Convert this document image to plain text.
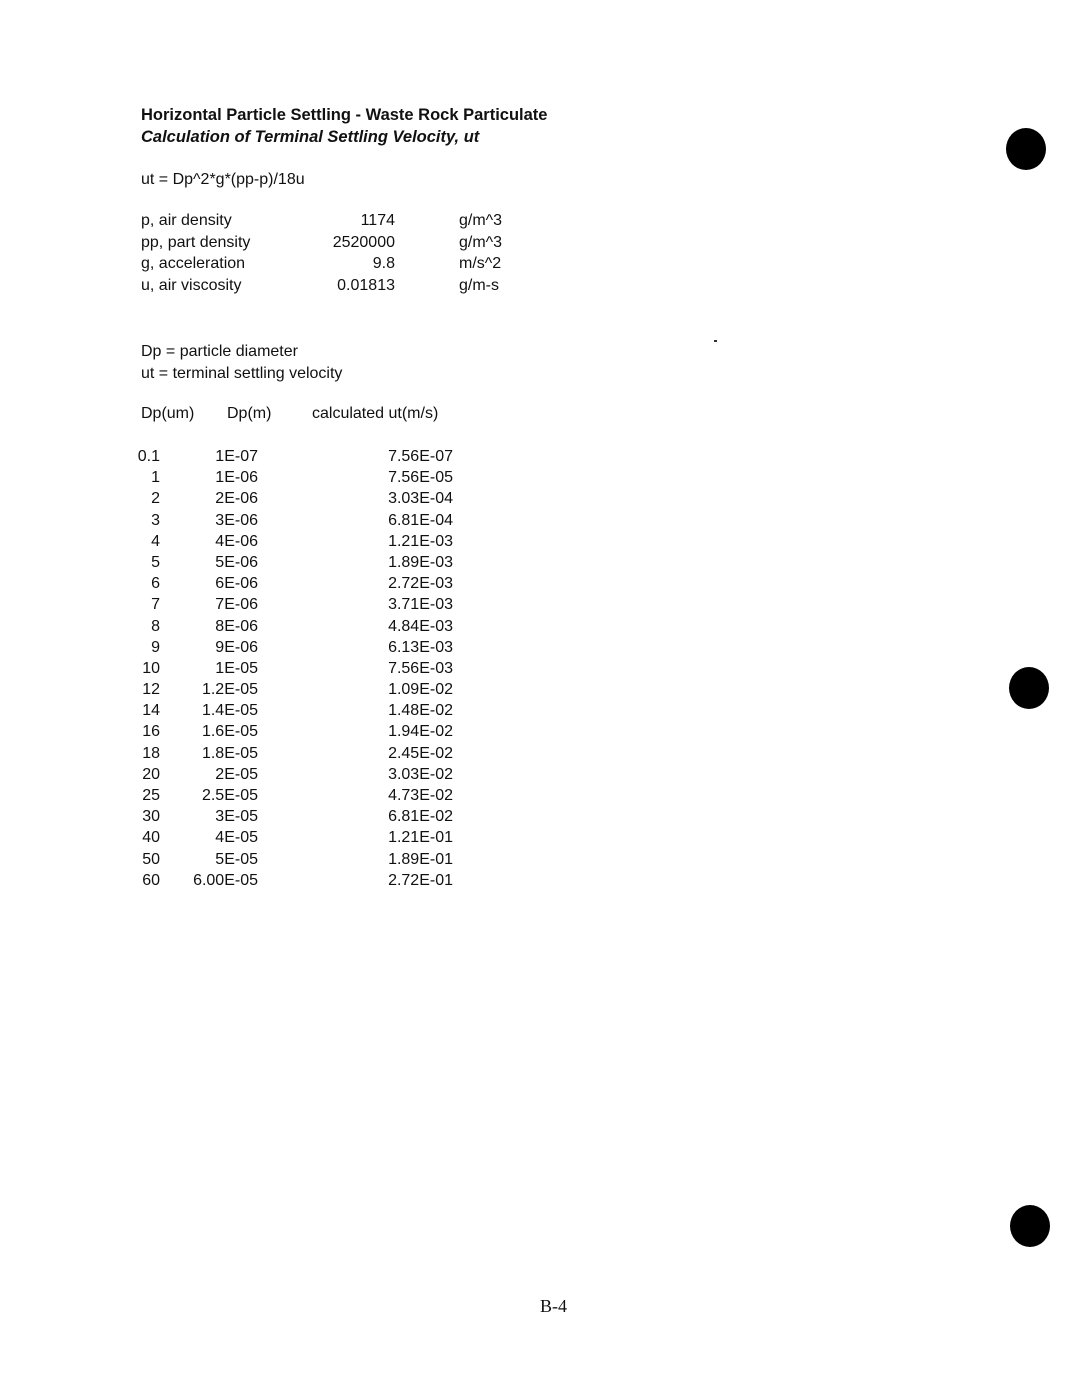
Horizontal Particle Settling - Waste Rock Particulate
Calculation of Terminal Settling Velocity, ut
ut = Dp^2*g*(pp-p)/18u
p, air density	1174	g/m^3
pp, part density	2520000	g/m^3
g, acceleration	9.8	m/s^2
u, air viscosity	0.01813	g/m-s
Dp = particle diameter
ut = terminal settling velocity
Dp(um) Dp(m)	calculated ut(m/s)
0.1	1E-07	7.56E-07
1	1E-06	7.56E-05
2	2E-06	3.03E-04
3	3E-06	6.81E-04
4	4E-06	1.21E-03
5	5E-06	1.89E-03
6	6E-06	2.72E-03
7	7E-06	3.71E-03
8	8E-06	4.84E-03
9	9E-06	6.13E-03
10	1E-05	7.56E-03
12	1.2E-05	1.09E-02
14	1.4E-05	1.48E-02
16	1.6E-05	1.94E-02
18	1.8E-05	2.45E-02
20	2E-05	3.03E-02
25	2.5E-05	4.73E-02
30	3E-05	6.81E-02
40	4E-05	1.21E-01
50	5E-05	1.89E-01
60 6.00E-05	2.72E-01
B-4
